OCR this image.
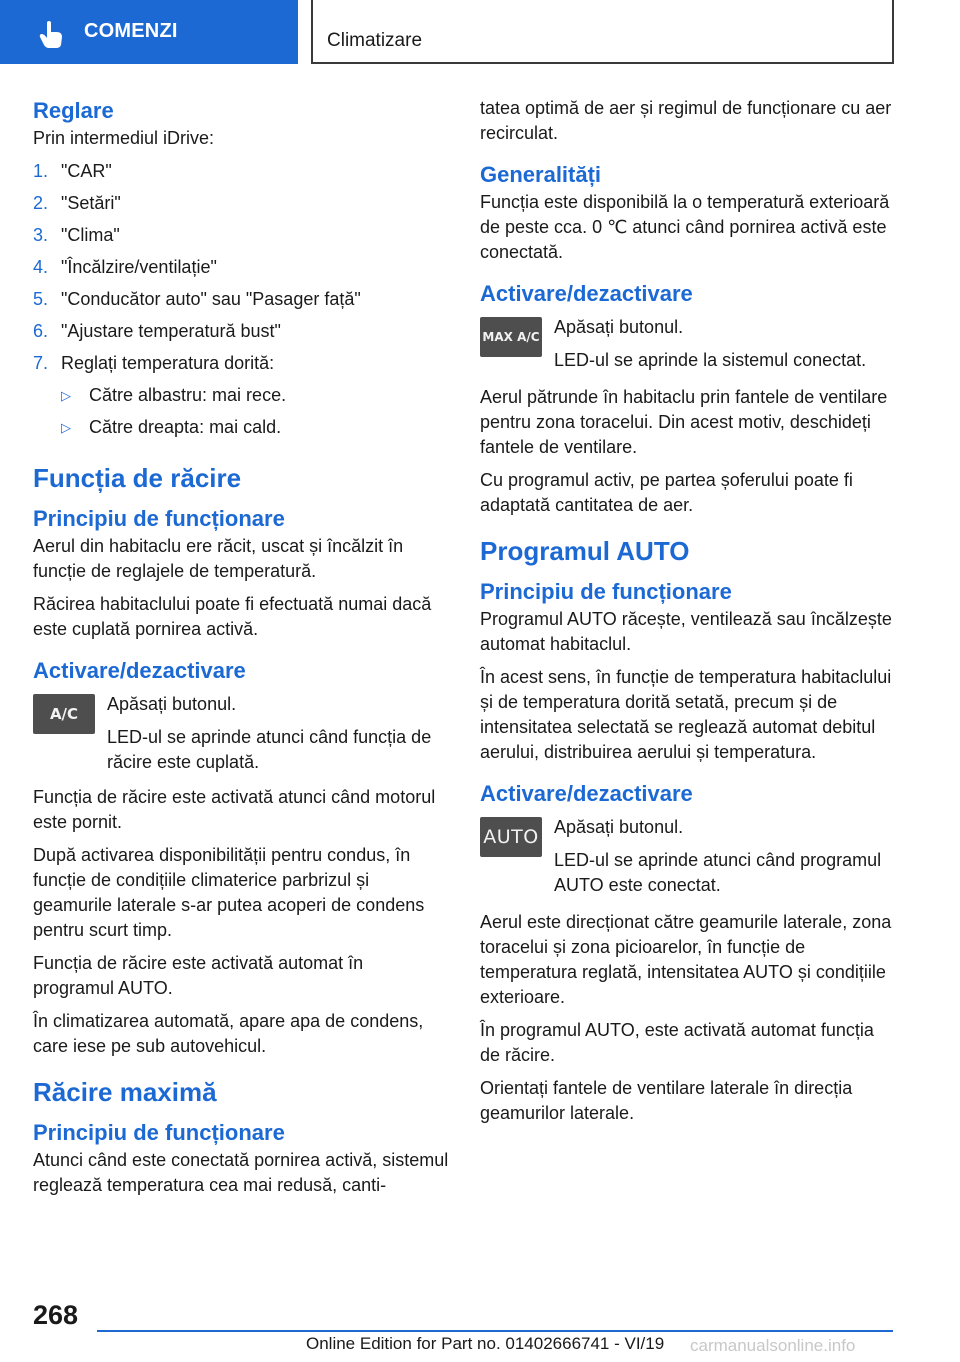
COMENZI	Climatizare
Reglare

Prin intermediul iDrive:

1. "CAR"
2. "Setări"
3. "Clima"
4. "Încălzire/ventilație"
5. "Conducător auto" sau "Pasager față"
6. "Ajustare temperatură bust"
7. Reglați temperatura dorită:
▷ Către albastru: mai rece.
▷ Către dreapta: mai cald.
Funcția de răcire
Principiu de funcționare

Aerul din habitaclu ere răcit, uscat și încălzit în funcție de reglajele de temperatură.

Răcirea habitaclului poate fi efectuată numai dacă este cuplată pornirea activă.

Activare/dezactivare
A/C Apăsați butonul.

LED-ul se aprinde atunci când funcția de răcire este cuplată.

Funcția de răcire este activată atunci când motorul este pornit.

După activarea disponibilității pentru condus, în funcție de condițiile climaterice parbrizul și geamurile laterale s-ar putea acoperi de condens pentru scurt timp.

Funcția de răcire este activată automat în programul AUTO.

În climatizarea automată, apare apa de condens, care iese pe sub autovehicul.

Răcire maximă
Principiu de funcționare

Atunci când este conectată pornirea activă, sistemul reglează temperatura cea mai redusă, canti-

tatea optimă de aer și regimul de funcționare cu aer recirculat.

Generalități

Funcția este disponibilă la o temperatură exterioară de peste cca. 0 ℃ atunci când pornirea activă este conectată.

Activare/dezactivare
MAX A/C Apăsați butonul.

LED-ul se aprinde la sistemul conectat.

Aerul pătrunde în habitaclu prin fantele de ventilare pentru zona toracelui. Din acest motiv, deschideți fantele de ventilare.

Cu programul activ, pe partea șoferului poate fi adaptată cantitatea de aer.

Programul AUTO
Principiu de funcționare

Programul AUTO răcește, ventilează sau încălzește automat habitaclul.

În acest sens, în funcție de temperatura habitaclului și de temperatura dorită setată, precum și de intensitatea selectată se reglează automat debitul aerului, distribuirea aerului și temperatura.

Activare/dezactivare
AUTO Apăsați butonul.

LED-ul se aprinde atunci când programul AUTO este conectat.

Aerul este direcționat către geamurile laterale, zona toracelui și zona picioarelor, în funcție de temperatura reglată, intensitatea AUTO și condițiile exterioare.

În programul AUTO, este activată automat funcția de răcire.

Orientați fantele de ventilare laterale în direcția geamurilor laterale.

268
Online Edition for Part no. 01402666741 - VI/19 carmanualsonline.info
